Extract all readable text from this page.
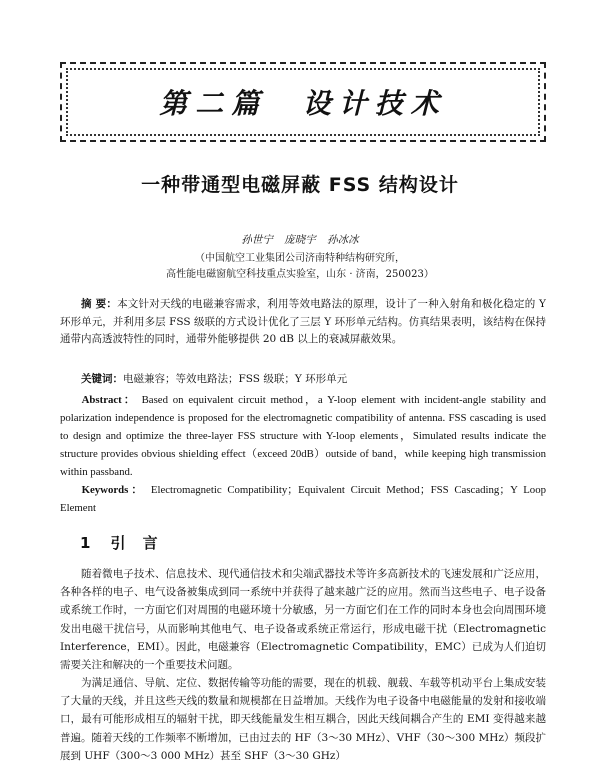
第二篇  设计技术
一种带通型电磁屏蔽 FSS 结构设计
孙世宁 庞晓宇 孙冰冰
（中国航空工业集团公司济南特种结构研究所，
高性能电磁窗航空科技重点实验室，山东 · 济南，250023）
摘 要：本文针对天线的电磁兼容需求，利用等效电路法的原理，设计了一种入射角和极化稳定的 Y 环形单元，并利用多层 FSS 级联的方式设计优化了三层 Y 环形单元结构。仿真结果表明，该结构在保持通带内高透波特性的同时，通带外能够提供 20 dB 以上的衰减屏蔽效果。
关键词：电磁兼容；等效电路法；FSS 级联；Y 环形单元
Abstract： Based on equivalent circuit method，a Y-loop element with incident-angle stability and polarization independence is proposed for the electromagnetic compatibility of antenna. FSS cascading is used to design and optimize the three-layer FSS structure with Y-loop elements，Simulated results indicate the structure provides obvious shielding effect（exceed 20dB）outside of band，while keeping high transmission within passband.
Keywords： Electromagnetic Compatibility；Equivalent Circuit Method；FSS Cascading；Y Loop Element
1 引 言
随着微电子技术、信息技术、现代通信技术和尖端武器技术等许多高新技术的飞速发展和广泛应用，各种各样的电子、电气设备被集成到同一系统中并获得了越来越广泛的应用。然而当这些电子、电子设备或系统工作时，一方面它们对周围的电磁环境十分敏感，另一方面它们在工作的同时本身也会向周围环境发出电磁干扰信号，从而影响其他电气、电子设备或系统正常运行，形成电磁干扰（Electromagnetic Interference，EMI）。因此，电磁兼容（Electromagnetic Compatibility，EMC）已成为人们迫切需要关注和解决的一个重要技术问题。
为满足通信、导航、定位、数据传输等功能的需要，现在的机载、舰载、车载等机动平台上集成安装了大量的天线，并且这些天线的数量和规模都在日益增加。天线作为电子设备中电磁能量的发射和接收端口，最有可能形成相互的辐射干扰，即天线能量发生相互耦合，因此天线间耦合产生的 EMI 变得越来越普遍。随着天线的工作频率不断增加，已由过去的 HF（3～30 MHz）、VHF（30～300 MHz）频段扩展到 UHF（300～3 000 MHz）甚至 SHF（3～30 GHz）
